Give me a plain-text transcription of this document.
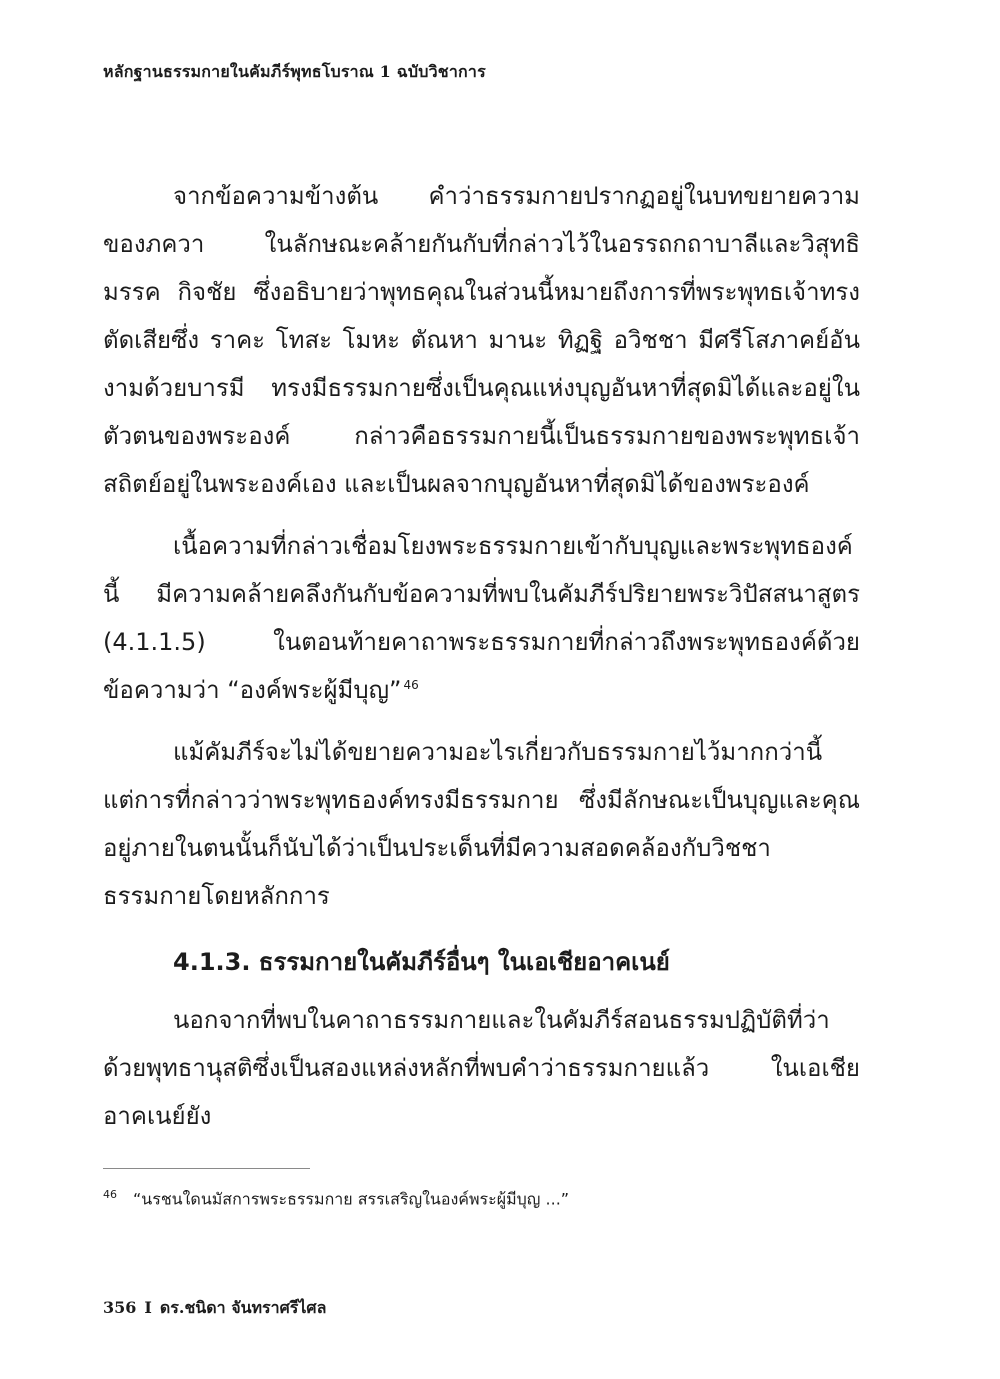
หลักฐานธรรมกายในคัมภีร์พุทธโบราณ 1 ฉบับวิชาการ

จากข้อความข้างต้น คำว่าธรรมกายปรากฏอยู่ในบทขยายความของภควา ในลักษณะคล้ายกันกับที่กล่าวไว้ในอรรถกถาบาลีและวิสุทธิมรรค กิจชัย ซึ่งอธิบายว่าพุทธคุณในส่วนนี้หมายถึงการที่พระพุทธเจ้าทรงตัดเสียซึ่ง ราคะ โทสะ โมหะ ตัณหา มานะ ทิฏฐิ อวิชชา มีศรีโสภาคย์อันงามด้วยบารมี ทรงมีธรรมกายซึ่งเป็นคุณแห่งบุญอันหาที่สุดมิได้และอยู่ในตัวตนของพระองค์ กล่าวคือธรรมกายนี้เป็นธรรมกายของพระพุทธเจ้า สถิตย์อยู่ในพระองค์เอง และเป็นผลจากบุญอันหาที่สุดมิได้ของพระองค์

เนื้อความที่กล่าวเชื่อมโยงพระธรรมกายเข้ากับบุญและพระพุทธองค์นี้ มีความคล้ายคลึงกันกับข้อความที่พบในคัมภีร์ปริยายพระวิปัสสนาสูตร (4.1.1.5) ในตอนท้ายคาถาพระธรรมกายที่กล่าวถึงพระพุทธองค์ด้วยข้อความว่า “องค์พระผู้มีบุญ” $^{46}$

แม้คัมภีร์จะไม่ได้ขยายความอะไรเกี่ยวกับธรรมกายไว้มากกว่านี้ แต่การที่กล่าวว่าพระพุทธองค์ทรงมีธรรมกาย ซึ่งมีลักษณะเป็นบุญและคุณอยู่ภายในตนนั้นก็นับได้ว่าเป็นประเด็นที่มีความสอดคล้องกับวิชชาธรรมกายโดยหลักการ

4.1.3. ธรรมกายในคัมภีร์อื่นๆ ในเอเชียอาคเนย์

นอกจากที่พบในคาถาธรรมกายและในคัมภีร์สอนธรรมปฏิบัติที่ว่าด้วยพุทธานุสติซึ่งเป็นสองแหล่งหลักที่พบคำว่าธรรมกายแล้ว ในเอเชียอาคเนย์ยัง

$^{46}$ “นรชนใดนมัสการพระธรรมกาย สรรเสริญในองค์พระผู้มีบุญ ...”
356 I ดร.ชนิดา จันทราศรีไศล
